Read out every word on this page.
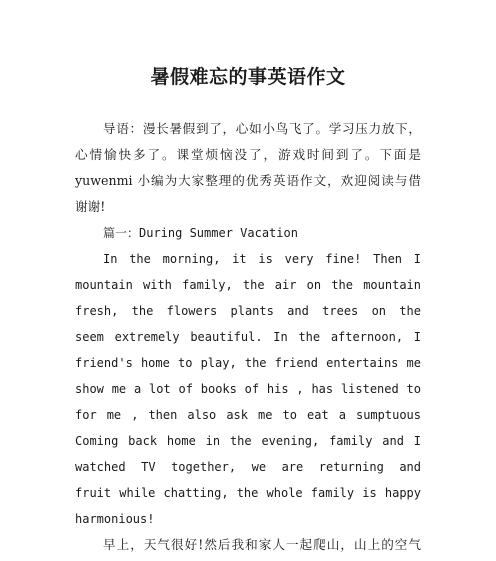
暑假难忘的事英语作文
导语：漫长暑假到了，心如小鸟飞了。学习压力放下，
心情愉快多了。课堂烦恼没了，游戏时间到了。下面是
yuwenmi 小编为大家整理的优秀英语作文，欢迎阅读与借
谢谢!
篇一：During Summer Vacation
In the morning, it is very fine! Then I
mountain with family, the air on the mountain
fresh, the flowers plants and trees on the
seem extremely beautiful. In the afternoon, I
friend's home to play, the friend entertains me
show me a lot of books of his , has listened to
for me , then also ask me to eat a sumptuous
Coming back home in the evening, family and I
watched TV together, we are returning and
fruit while chatting, the whole family is happy
harmonious!
早上，天气很好!然后我和家人一起爬山，山上的空气
